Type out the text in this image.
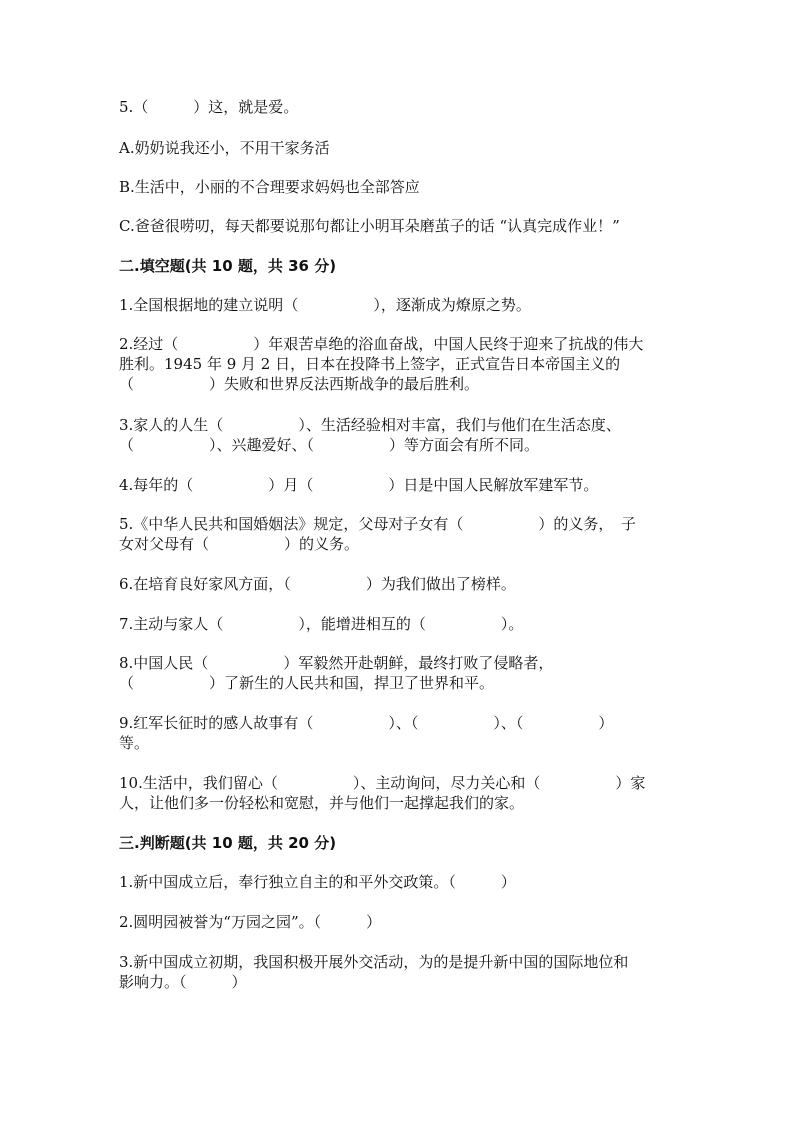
5.（　　　）这，就是爱。
A.奶奶说我还小，不用干家务活
B.生活中，小丽的不合理要求妈妈也全部答应
C.爸爸很唠叨，每天都要说那句都让小明耳朵磨茧子的话 “认真完成作业！”
二.填空题(共 10 题，共 36 分)
1.全国根据地的建立说明（　　　　　），逐渐成为燎原之势。
2.经过（　　　　　）年艰苦卓绝的浴血奋战，中国人民终于迎来了抗战的伟大
胜利。1945 年 9 月 2 日，日本在投降书上签字，正式宣告日本帝国主义的
（　　　　　）失败和世界反法西斯战争的最后胜利。
3.家人的人生（　　　　　）、生活经验相对丰富，我们与他们在生活态度、
（　　　　　）、兴趣爱好、（　　　　　）等方面会有所不同。
4.每年的（　　　　　）月（　　　　　）日是中国人民解放军建军节。
5.《中华人民共和国婚姻法》规定，父母对子女有（　　　　　）的义务，　子
女对父母有（　　　　　）的义务。
6.在培育良好家风方面，（　　　　　）为我们做出了榜样。
7.主动与家人（　　　　　），能增进相互的（　　　　　）。
8.中国人民（　　　　　）军毅然开赴朝鲜，最终打败了侵略者，
（　　　　　）了新生的人民共和国，捍卫了世界和平。
9.红军长征时的感人故事有（　　　　　）、（　　　　　）、（　　　　　）
等。
10.生活中，我们留心（　　　　　）、主动询问，尽力关心和（　　　　　）家
人，让他们多一份轻松和宽慰，并与他们一起撑起我们的家。
三.判断题(共 10 题，共 20 分)
1.新中国成立后，奉行独立自主的和平外交政策。（　　　）
2.圆明园被誉为“万园之园”。（　　　）
3.新中国成立初期，我国积极开展外交活动，为的是提升新中国的国际地位和
影响力。（　　　）
